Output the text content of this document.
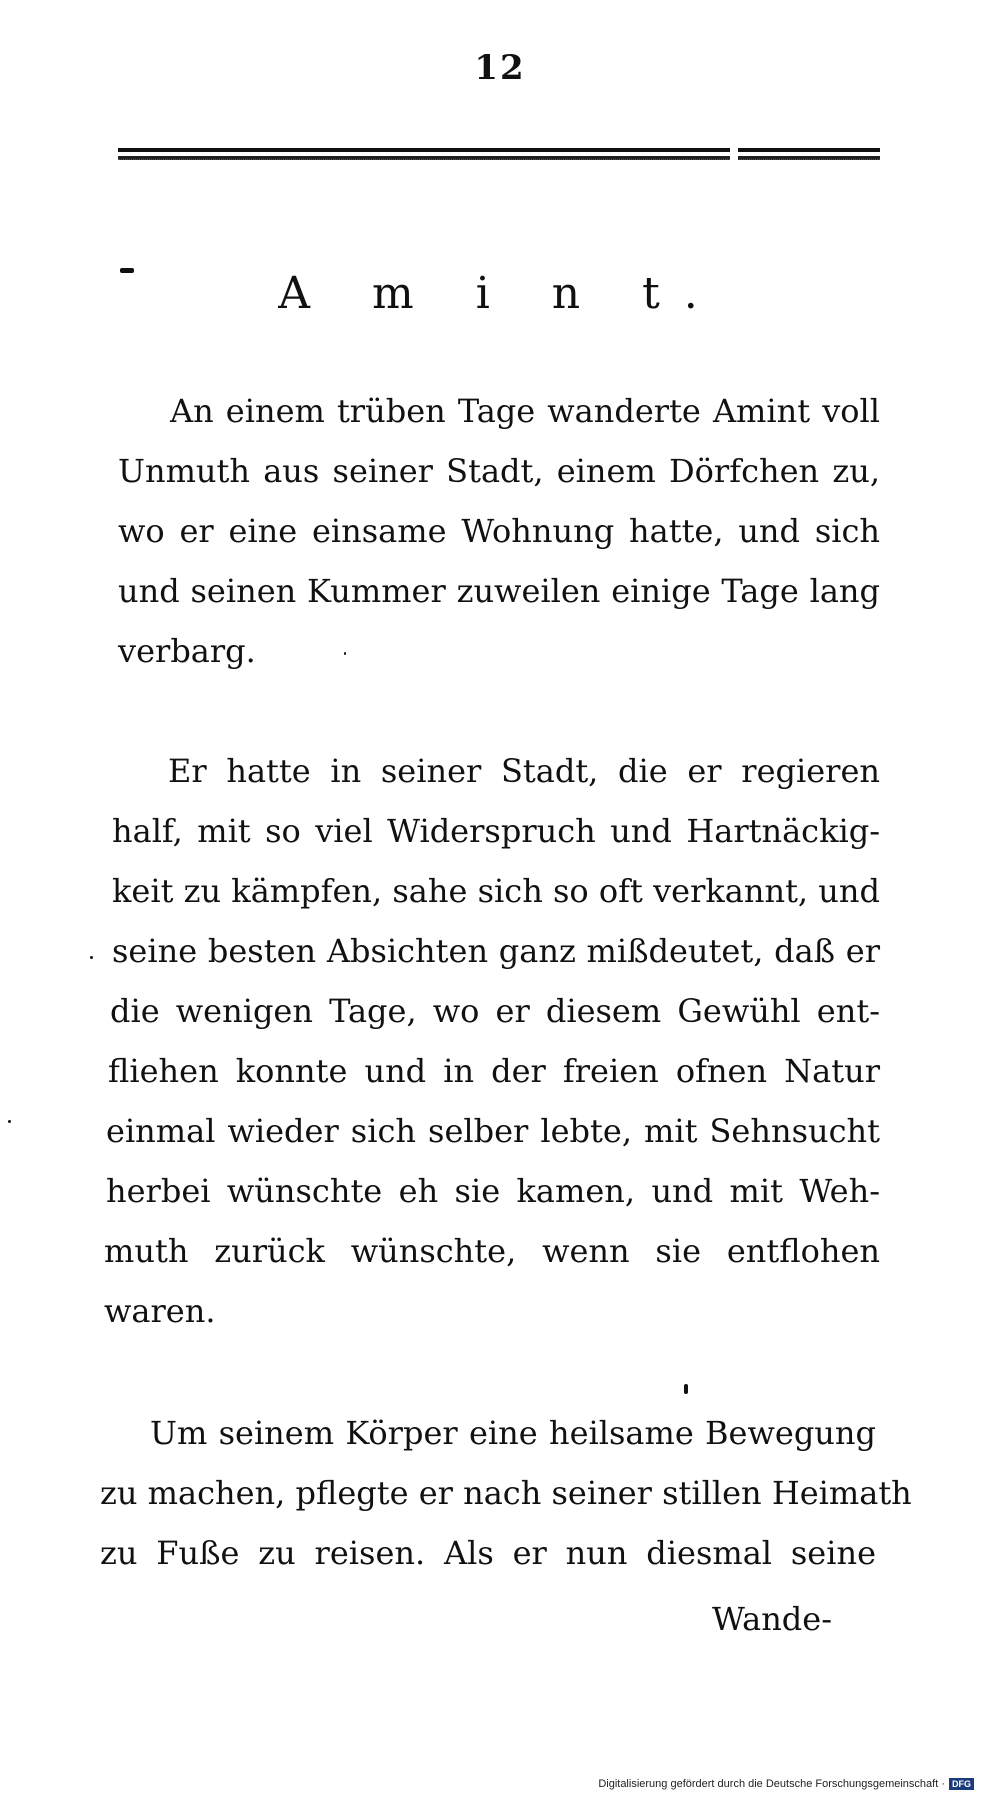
12
A m i n t.
An einem trüben Tage wanderte Amint voll
Unmuth aus seiner Stadt, einem Dörfchen zu,
wo er eine einsame Wohnung hatte, und sich
und seinen Kummer zuweilen einige Tage lang
verbarg.
Er hatte in seiner Stadt, die er regieren
half, mit so viel Widerspruch und Hartnäckig-
keit zu kämpfen, sahe sich so oft verkannt, und
seine besten Absichten ganz mißdeutet, daß er
die wenigen Tage, wo er diesem Gewühl ent-
fliehen konnte und in der freien ofnen Natur
einmal wieder sich selber lebte, mit Sehnsucht
herbei wünschte eh sie kamen, und mit Weh-
muth zurück wünschte, wenn sie entflohen
waren.
Um seinem Körper eine heilsame Bewegung
zu machen, pflegte er nach seiner stillen Heimath
zu Fuße zu reisen. Als er nun diesmal seine
Wande-
Digitalisierung gefördert durch die Deutsche Forschungsgemeinschaft · DFG
